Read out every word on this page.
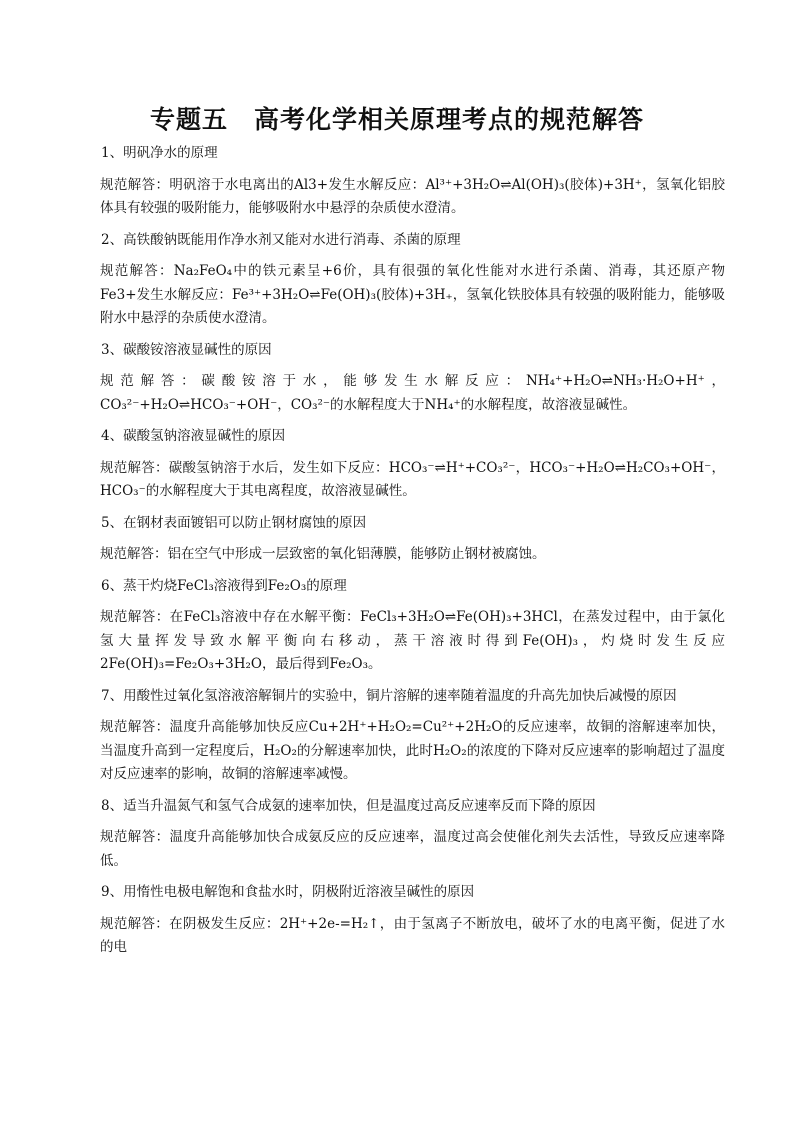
专题五　高考化学相关原理考点的规范解答
1、明矾净水的原理
规范解答：明矾溶于水电离出的Al3+发生水解反应：Al³⁺+3H₂O⇌Al(OH)₃(胶体)+3H⁺，氢氧化铝胶体具有较强的吸附能力，能够吸附水中悬浮的杂质使水澄清。
2、高铁酸钠既能用作净水剂又能对水进行消毒、杀菌的原理
规范解答：Na₂FeO₄中的铁元素呈+6价，具有很强的氧化性能对水进行杀菌、消毒，其还原产物Fe3+发生水解反应：Fe³⁺+3H₂O⇌Fe(OH)₃(胶体)+3H₊，氢氧化铁胶体具有较强的吸附能力，能够吸附水中悬浮的杂质使水澄清。
3、碳酸铵溶液显碱性的原因
规范解答：碳酸铵溶于水，能够发生水解反应：NH₄⁺+H₂O⇌NH₃·H₂O+H⁺，CO₃²⁻+H₂O⇌HCO₃⁻+OH⁻，CO₃²⁻的水解程度大于NH₄⁺的水解程度，故溶液显碱性。
4、碳酸氢钠溶液显碱性的原因
规范解答：碳酸氢钠溶于水后，发生如下反应：HCO₃⁻⇌H⁺+CO₃²⁻，HCO₃⁻+H₂O⇌H₂CO₃+OH⁻，HCO₃⁻的水解程度大于其电离程度，故溶液显碱性。
5、在钢材表面镀铝可以防止钢材腐蚀的原因
规范解答：铝在空气中形成一层致密的氧化铝薄膜，能够防止钢材被腐蚀。
6、蒸干灼烧FeCl₃溶液得到Fe₂O₃的原理
规范解答：在FeCl₃溶液中存在水解平衡：FeCl₃+3H₂O⇌Fe(OH)₃+3HCl，在蒸发过程中，由于氯化氢大量挥发导致水解平衡向右移动，蒸干溶液时得到Fe(OH)₃，灼烧时发生反应2Fe(OH)₃=Fe₂O₃+3H₂O，最后得到Fe₂O₃。
7、用酸性过氧化氢溶液溶解铜片的实验中，铜片溶解的速率随着温度的升高先加快后减慢的原因
规范解答：温度升高能够加快反应Cu+2H⁺+H₂O₂=Cu²⁺+2H₂O的反应速率，故铜的溶解速率加快，当温度升高到一定程度后，H₂O₂的分解速率加快，此时H₂O₂的浓度的下降对反应速率的影响超过了温度对反应速率的影响，故铜的溶解速率减慢。
8、适当升温氮气和氢气合成氨的速率加快，但是温度过高反应速率反而下降的原因
规范解答：温度升高能够加快合成氨反应的反应速率，温度过高会使催化剂失去活性，导致反应速率降低。
9、用惰性电极电解饱和食盐水时，阴极附近溶液呈碱性的原因
规范解答：在阴极发生反应：2H⁺+2e-=H₂↑，由于氢离子不断放电，破坏了水的电离平衡，促进了水的电
